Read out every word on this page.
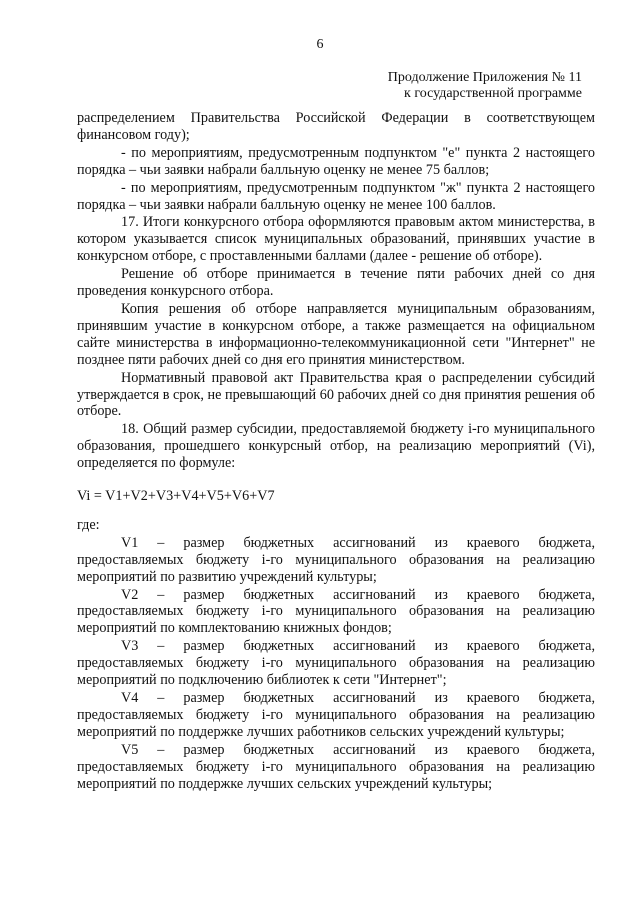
6
Продолжение Приложения № 11
к государственной программе

распределением Правительства Российской Федерации в соответствующем финансовом году);

- по мероприятиям, предусмотренным подпунктом "е" пункта 2 настоящего порядка – чьи заявки набрали балльную оценку не менее 75 баллов;

- по мероприятиям, предусмотренным подпунктом "ж" пункта 2 настоящего порядка – чьи заявки набрали балльную оценку не менее 100 баллов.

17. Итоги конкурсного отбора оформляются правовым актом министерства, в котором указывается список муниципальных образований, принявших участие в конкурсном отборе, с проставленными баллами (далее - решение об отборе).

Решение об отборе принимается в течение пяти рабочих дней со дня проведения конкурсного отбора.

Копия решения об отборе направляется муниципальным образованиям, принявшим участие в конкурсном отборе, а также размещается на официальном сайте министерства в информационно-телекоммуникационной сети "Интернет" не позднее пяти рабочих дней со дня его принятия министерством.

Нормативный правовой акт Правительства края о распределении субсидий утверждается в срок, не превышающий 60 рабочих дней со дня принятия решения об отборе.

18. Общий размер субсидии, предоставляемой бюджету i-го муниципального образования, прошедшего конкурсный отбор, на реализацию мероприятий (Vi), определяется по формуле:

Vi = V1+V2+V3+V4+V5+V6+V7

где:

V1 – размер бюджетных ассигнований из краевого бюджета, предоставляемых бюджету i-го муниципального образования на реализацию мероприятий по развитию учреждений культуры;

V2 – размер бюджетных ассигнований из краевого бюджета, предоставляемых бюджету i-го муниципального образования на реализацию мероприятий по комплектованию книжных фондов;

V3 – размер бюджетных ассигнований из краевого бюджета, предоставляемых бюджету i-го муниципального образования на реализацию мероприятий по подключению библиотек к сети "Интернет";

V4 – размер бюджетных ассигнований из краевого бюджета, предоставляемых бюджету i-го муниципального образования на реализацию мероприятий по поддержке лучших работников сельских учреждений культуры;

V5 – размер бюджетных ассигнований из краевого бюджета, предоставляемых бюджету i-го муниципального образования на реализацию мероприятий по поддержке лучших сельских учреждений культуры;
